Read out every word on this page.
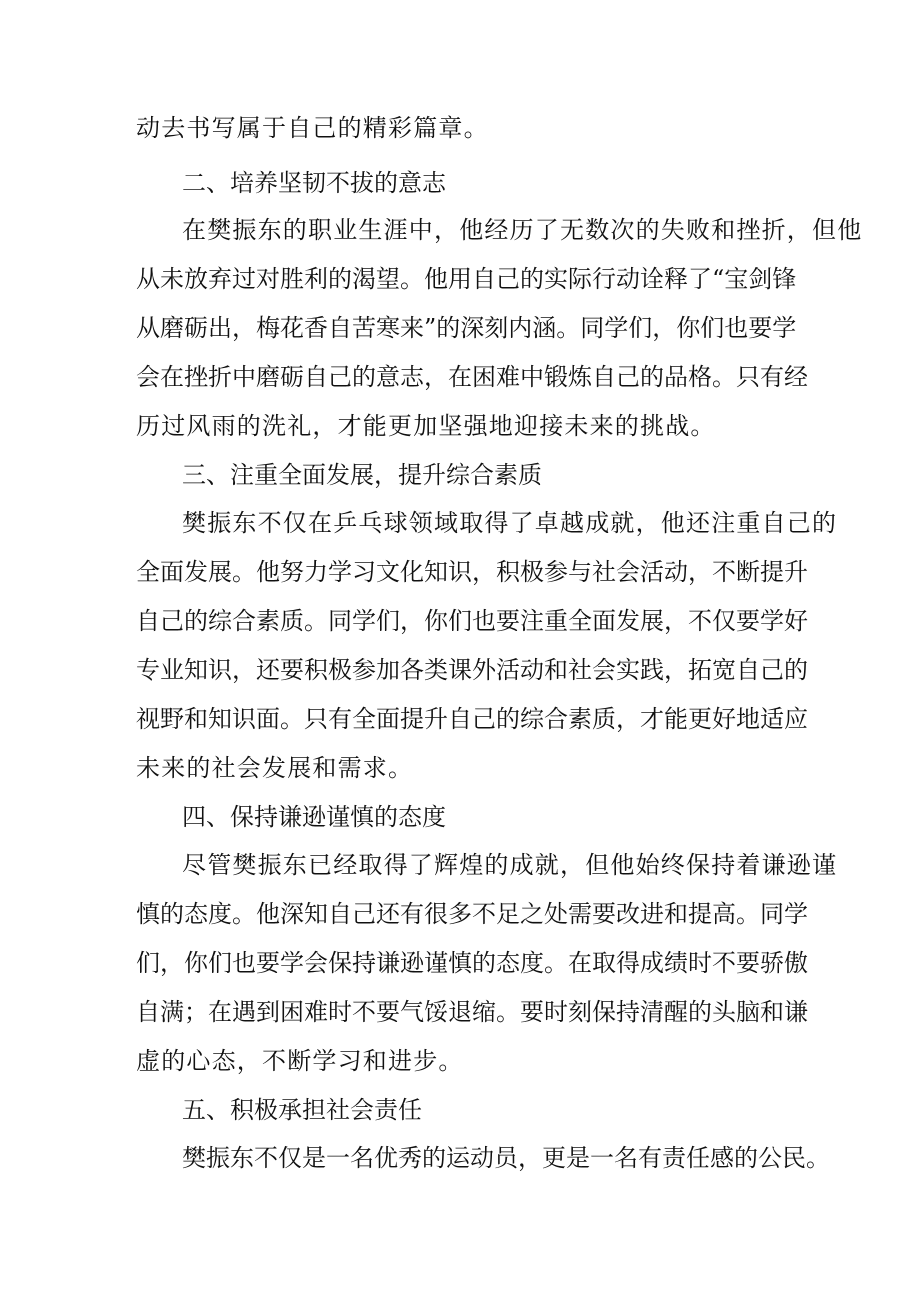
动去书写属于自己的精彩篇章。
二、培养坚韧不拔的意志
在樊振东的职业生涯中，他经历了无数次的失败和挫折，但他
从未放弃过对胜利的渴望。他用自己的实际行动诠释了“宝剑锋
从磨砺出，梅花香自苦寒来”的深刻内涵。同学们，你们也要学
会在挫折中磨砺自己的意志，在困难中锻炼自己的品格。只有经
历过风雨的洗礼，才能更加坚强地迎接未来的挑战。
三、注重全面发展，提升综合素质
樊振东不仅在乒乓球领域取得了卓越成就，他还注重自己的
全面发展。他努力学习文化知识，积极参与社会活动，不断提升
自己的综合素质。同学们，你们也要注重全面发展，不仅要学好
专业知识，还要积极参加各类课外活动和社会实践，拓宽自己的
视野和知识面。只有全面提升自己的综合素质，才能更好地适应
未来的社会发展和需求。
四、保持谦逊谨慎的态度
尽管樊振东已经取得了辉煌的成就，但他始终保持着谦逊谨
慎的态度。他深知自己还有很多不足之处需要改进和提高。同学
们，你们也要学会保持谦逊谨慎的态度。在取得成绩时不要骄傲
自满；在遇到困难时不要气馁退缩。要时刻保持清醒的头脑和谦
虚的心态，不断学习和进步。
五、积极承担社会责任
樊振东不仅是一名优秀的运动员，更是一名有责任感的公民。
